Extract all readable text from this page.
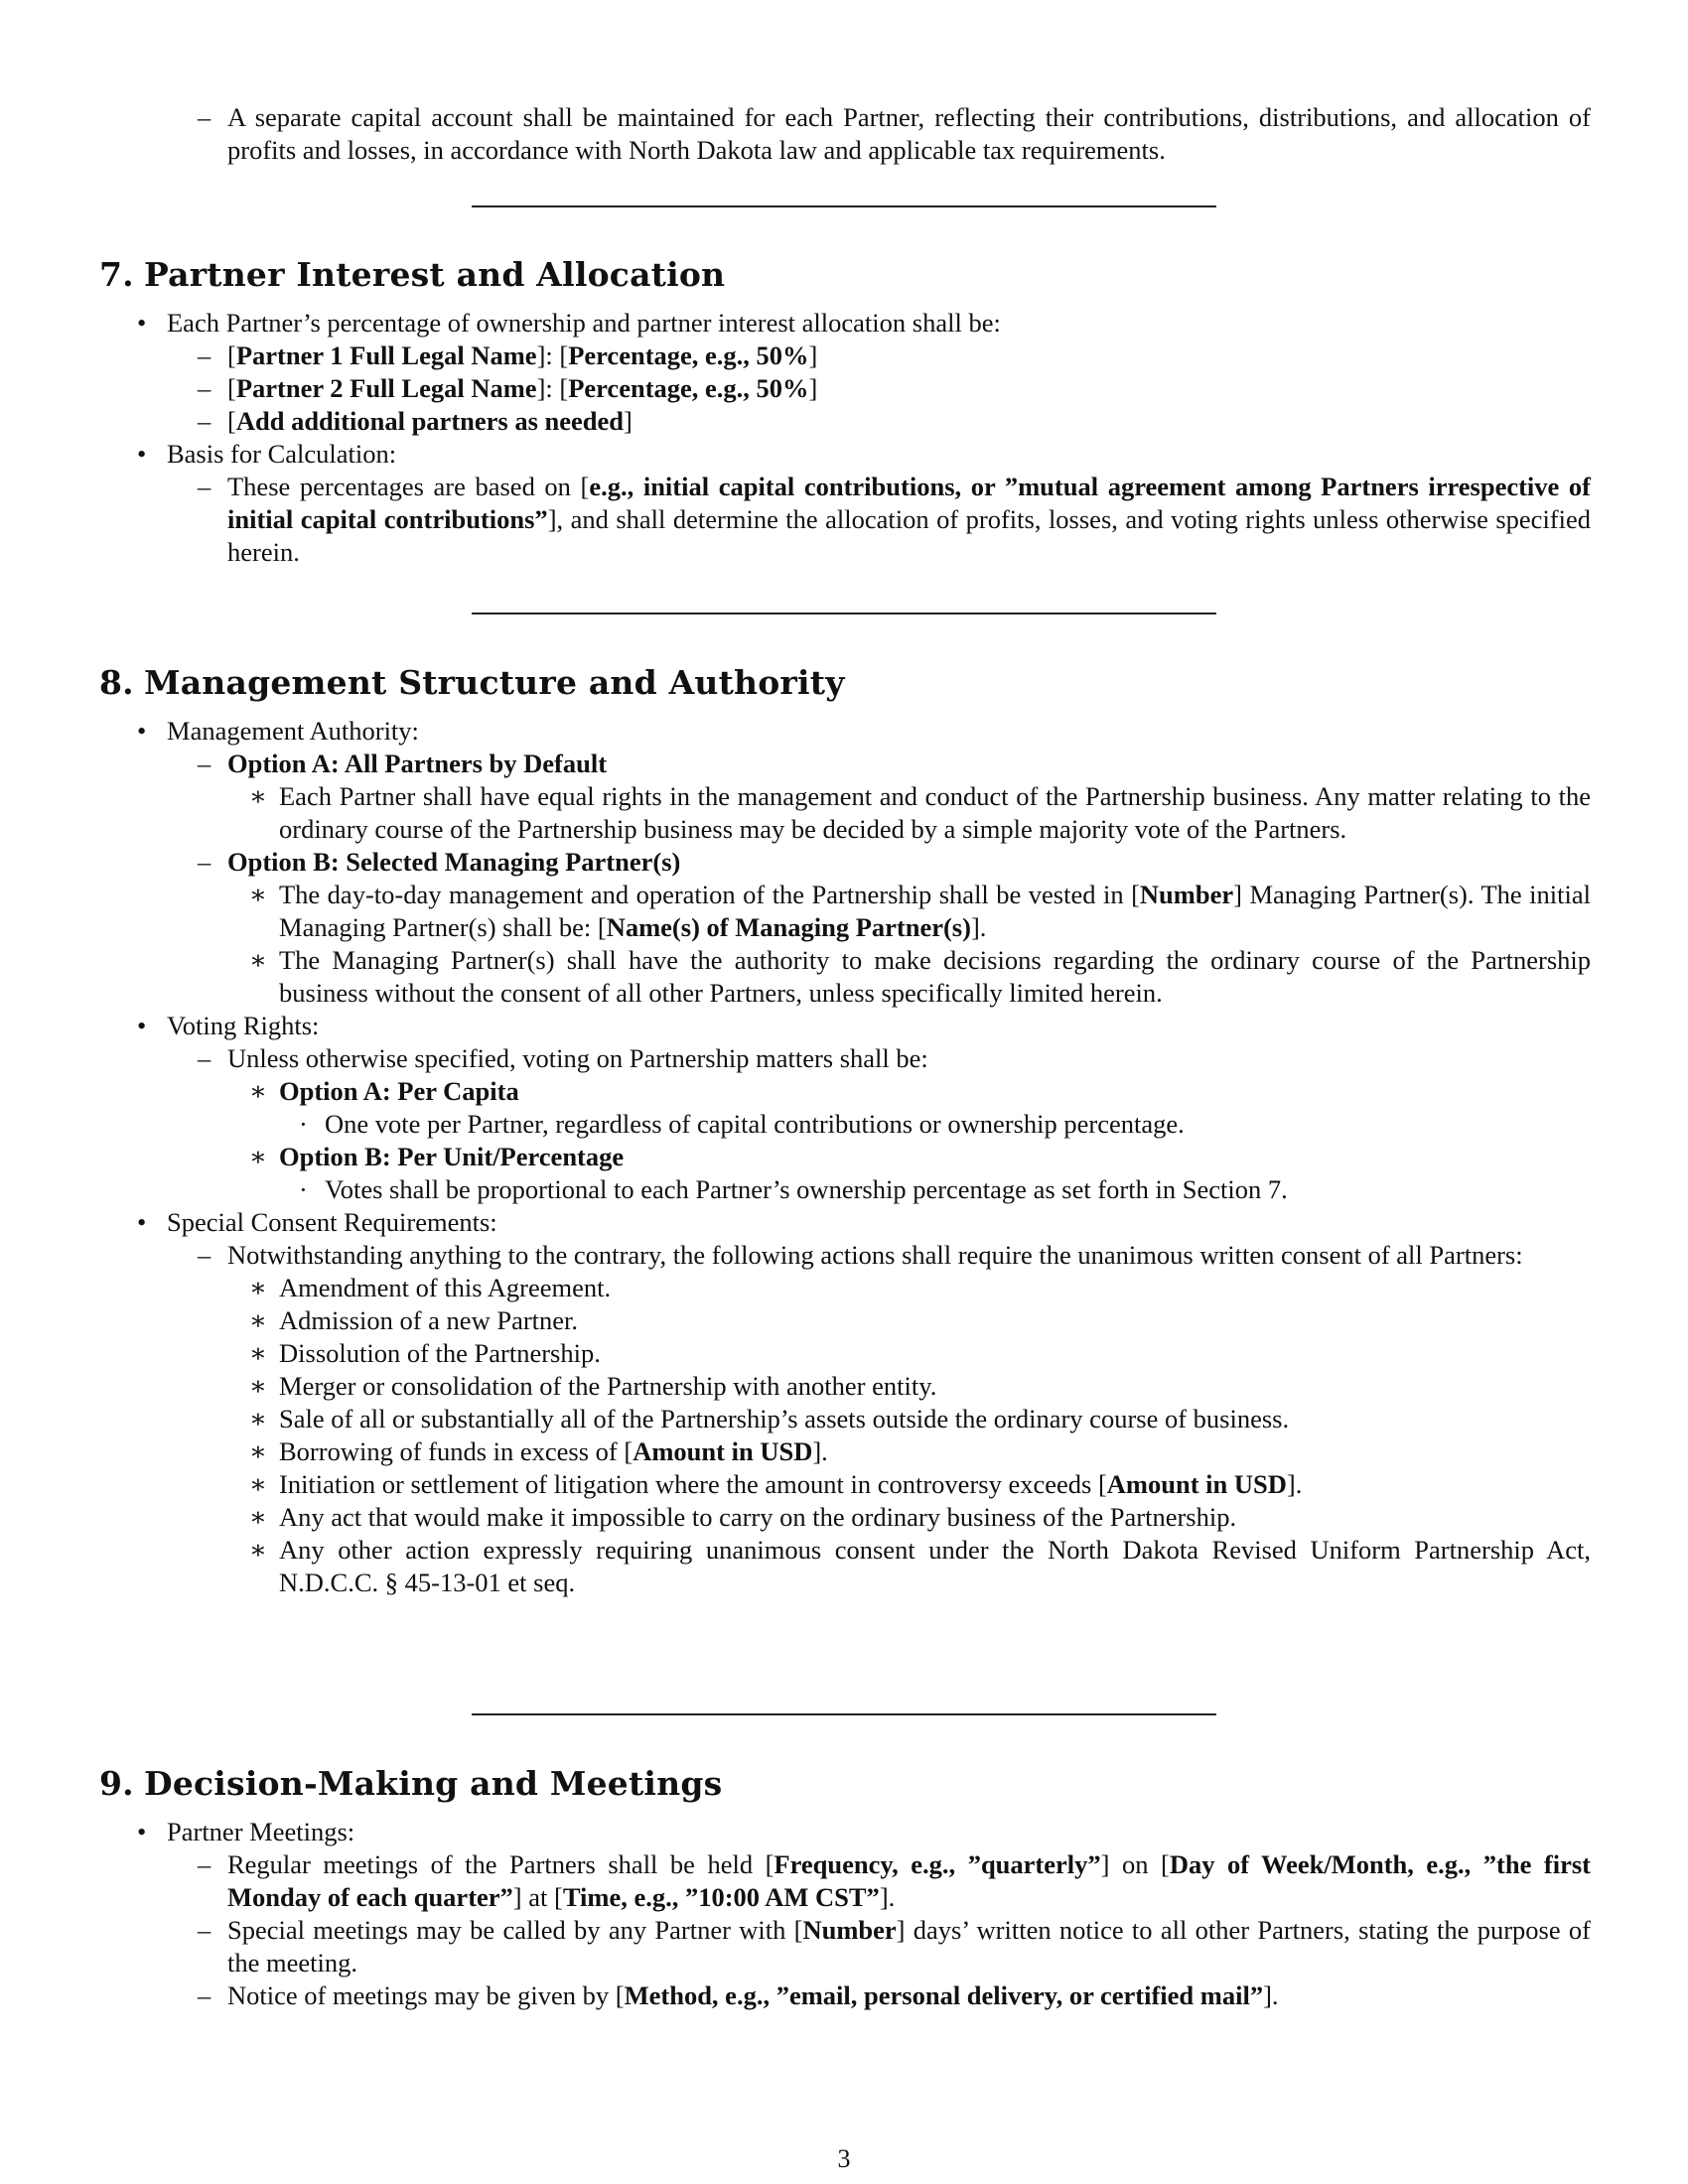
– A separate capital account shall be maintained for each Partner, reflecting their contributions, distributions, and allocation of profits and losses, in accordance with North Dakota law and applicable tax requirements.
7. Partner Interest and Allocation
• Each Partner’s percentage of ownership and partner interest allocation shall be:
– [Partner 1 Full Legal Name]: [Percentage, e.g., 50%]
– [Partner 2 Full Legal Name]: [Percentage, e.g., 50%]
– [Add additional partners as needed]
• Basis for Calculation:
– These percentages are based on [e.g., initial capital contributions, or ”mutual agreement among Partners irrespective of initial capital contributions”], and shall determine the allocation of profits, losses, and voting rights unless otherwise specified herein.
8. Management Structure and Authority
• Management Authority:
– Option A: All Partners by Default
∗ Each Partner shall have equal rights in the management and conduct of the Partnership business. Any matter relating to the ordinary course of the Partnership business may be decided by a simple majority vote of the Partners.
– Option B: Selected Managing Partner(s)
∗ The day-to-day management and operation of the Partnership shall be vested in [Number] Managing Partner(s). The initial Managing Partner(s) shall be: [Name(s) of Managing Partner(s)].
∗ The Managing Partner(s) shall have the authority to make decisions regarding the ordinary course of the Partnership business without the consent of all other Partners, unless specifically limited herein.
• Voting Rights:
– Unless otherwise specified, voting on Partnership matters shall be:
∗ Option A: Per Capita
· One vote per Partner, regardless of capital contributions or ownership percentage.
∗ Option B: Per Unit/Percentage
· Votes shall be proportional to each Partner’s ownership percentage as set forth in Section 7.
• Special Consent Requirements:
– Notwithstanding anything to the contrary, the following actions shall require the unanimous written consent of all Partners:
∗ Amendment of this Agreement.
∗ Admission of a new Partner.
∗ Dissolution of the Partnership.
∗ Merger or consolidation of the Partnership with another entity.
∗ Sale of all or substantially all of the Partnership’s assets outside the ordinary course of business.
∗ Borrowing of funds in excess of [Amount in USD].
∗ Initiation or settlement of litigation where the amount in controversy exceeds [Amount in USD].
∗ Any act that would make it impossible to carry on the ordinary business of the Partnership.
∗ Any other action expressly requiring unanimous consent under the North Dakota Revised Uniform Partnership Act, N.D.C.C. § 45-13-01 et seq.
9. Decision-Making and Meetings
• Partner Meetings:
– Regular meetings of the Partners shall be held [Frequency, e.g., ”quarterly”] on [Day of Week/Month, e.g., ”the first Monday of each quarter”] at [Time, e.g., ”10:00 AM CST”].
– Special meetings may be called by any Partner with [Number] days’ written notice to all other Partners, stating the purpose of the meeting.
– Notice of meetings may be given by [Method, e.g., ”email, personal delivery, or certified mail”].
3
